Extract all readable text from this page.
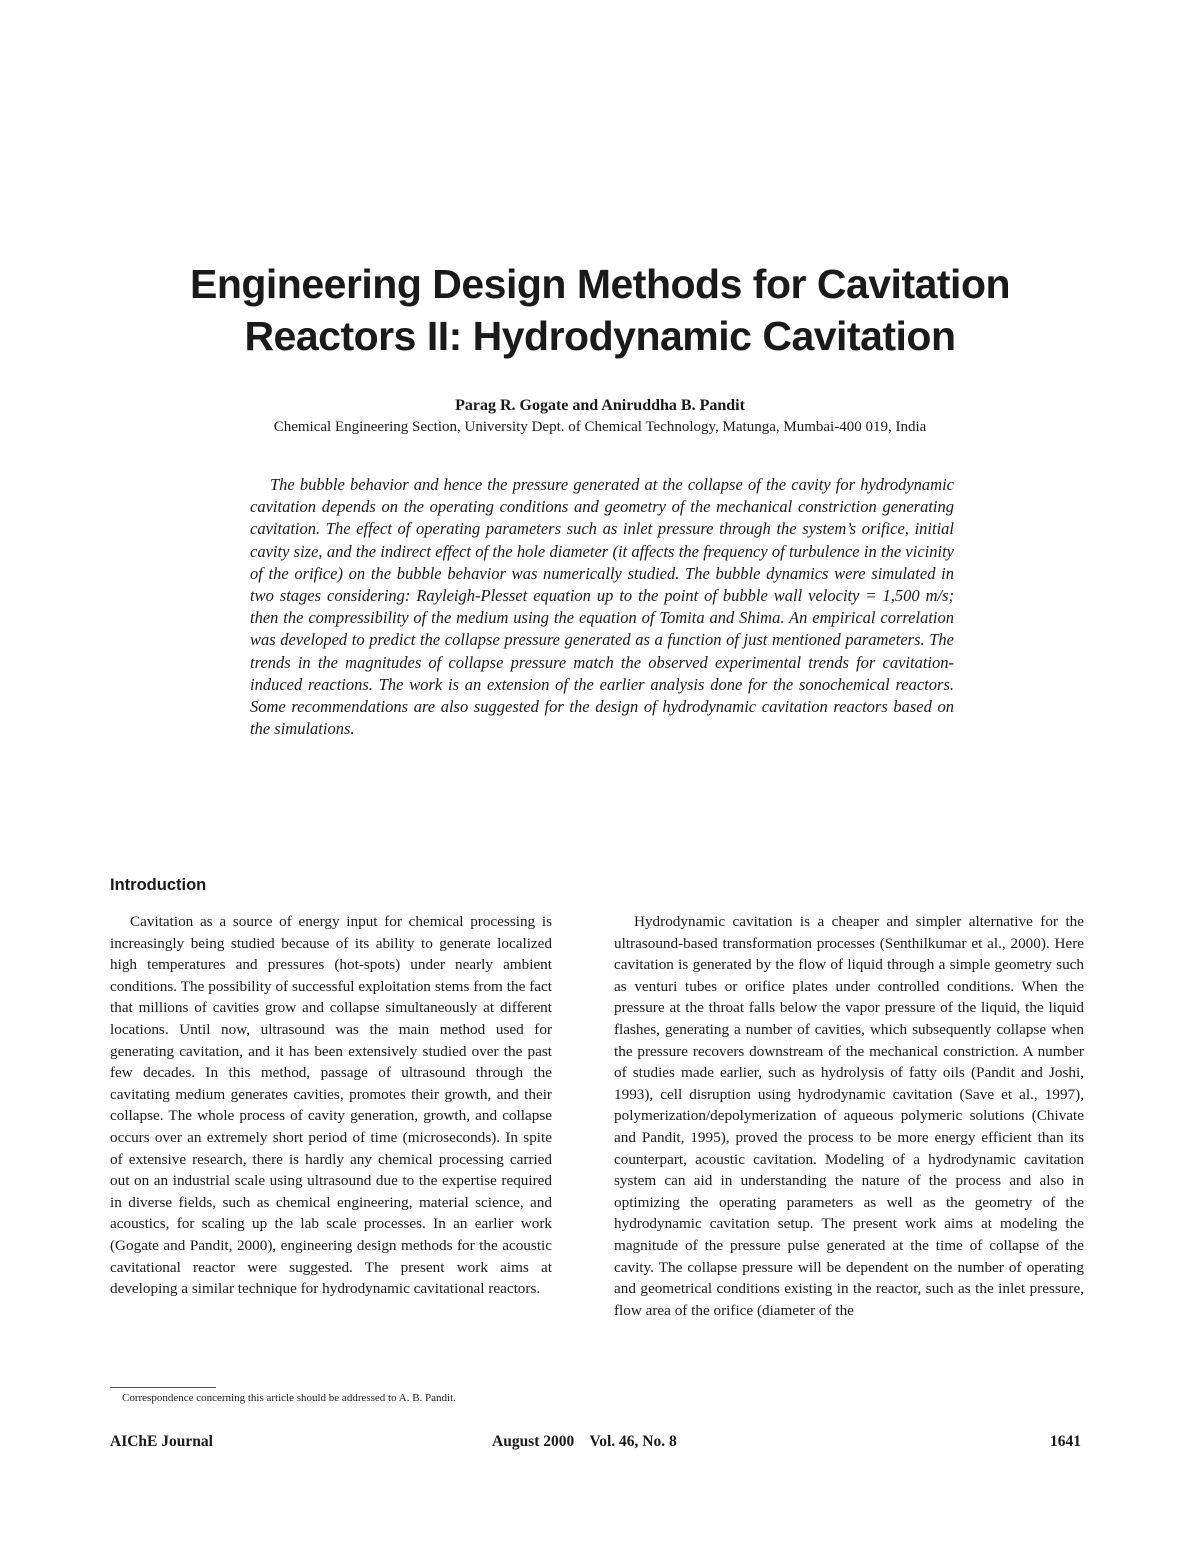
Engineering Design Methods for Cavitation
Reactors II: Hydrodynamic Cavitation
Parag R. Gogate and Aniruddha B. Pandit
Chemical Engineering Section, University Dept. of Chemical Technology, Matunga, Mumbai-400 019, India

The bubble behavior and hence the pressure generated at the collapse of the cavity for hydrodynamic cavitation depends on the operating conditions and geometry of the mechanical constriction generating cavitation. The effect of operating parameters such as inlet pressure through the system’s orifice, initial cavity size, and the indirect effect of the hole diameter (it affects the frequency of turbulence in the vicinity of the orifice) on the bubble behavior was numerically studied. The bubble dynamics were simulated in two stages considering: Rayleigh-Plesset equation up to the point of bubble wall velocity = 1,500 m/s; then the compressibility of the medium using the equation of Tomita and Shima. An empirical correlation was developed to predict the collapse pressure generated as a function of just mentioned parameters. The trends in the magnitudes of collapse pressure match the observed experimental trends for cavitation-induced reactions. The work is an extension of the earlier analysis done for the sonochemical reactors. Some recommendations are also suggested for the design of hydrodynamic cavitation reactors based on the simulations.

Introduction

Cavitation as a source of energy input for chemical processing is increasingly being studied because of its ability to generate localized high temperatures and pressures (hot-spots) under nearly ambient conditions. The possibility of successful exploitation stems from the fact that millions of cavities grow and collapse simultaneously at different locations. Until now, ultrasound was the main method used for generating cavitation, and it has been extensively studied over the past few decades. In this method, passage of ultrasound through the cavitating medium generates cavities, promotes their growth, and their collapse. The whole process of cavity generation, growth, and collapse occurs over an extremely short period of time (microseconds). In spite of extensive research, there is hardly any chemical processing carried out on an industrial scale using ultrasound due to the expertise required in diverse fields, such as chemical engineering, material science, and acoustics, for scaling up the lab scale processes. In an earlier work (Gogate and Pandit, 2000), engineering design methods for the acoustic cavitational reactor were suggested. The present work aims at developing a similar technique for hydrodynamic cavitational reactors.

Hydrodynamic cavitation is a cheaper and simpler alternative for the ultrasound-based transformation processes (Senthilkumar et al., 2000). Here cavitation is generated by the flow of liquid through a simple geometry such as venturi tubes or orifice plates under controlled conditions. When the pressure at the throat falls below the vapor pressure of the liquid, the liquid flashes, generating a number of cavities, which subsequently collapse when the pressure recovers downstream of the mechanical constriction. A number of studies made earlier, such as hydrolysis of fatty oils (Pandit and Joshi, 1993), cell disruption using hydrodynamic cavitation (Save et al., 1997), polymerization/depolymerization of aqueous polymeric solutions (Chivate and Pandit, 1995), proved the process to be more energy efficient than its counterpart, acoustic cavitation. Modeling of a hydrodynamic cavitation system can aid in understanding the nature of the process and also in optimizing the operating parameters as well as the geometry of the hydrodynamic cavitation setup. The present work aims at modeling the magnitude of the pressure pulse generated at the time of collapse of the cavity. The collapse pressure will be dependent on the number of operating and geometrical conditions existing in the reactor, such as the inlet pressure, flow area of the orifice (diameter of the

Correspondence concerning this article should be addressed to A. B. Pandit.
AIChE Journal	August 2000    Vol. 46, No. 8	1641
